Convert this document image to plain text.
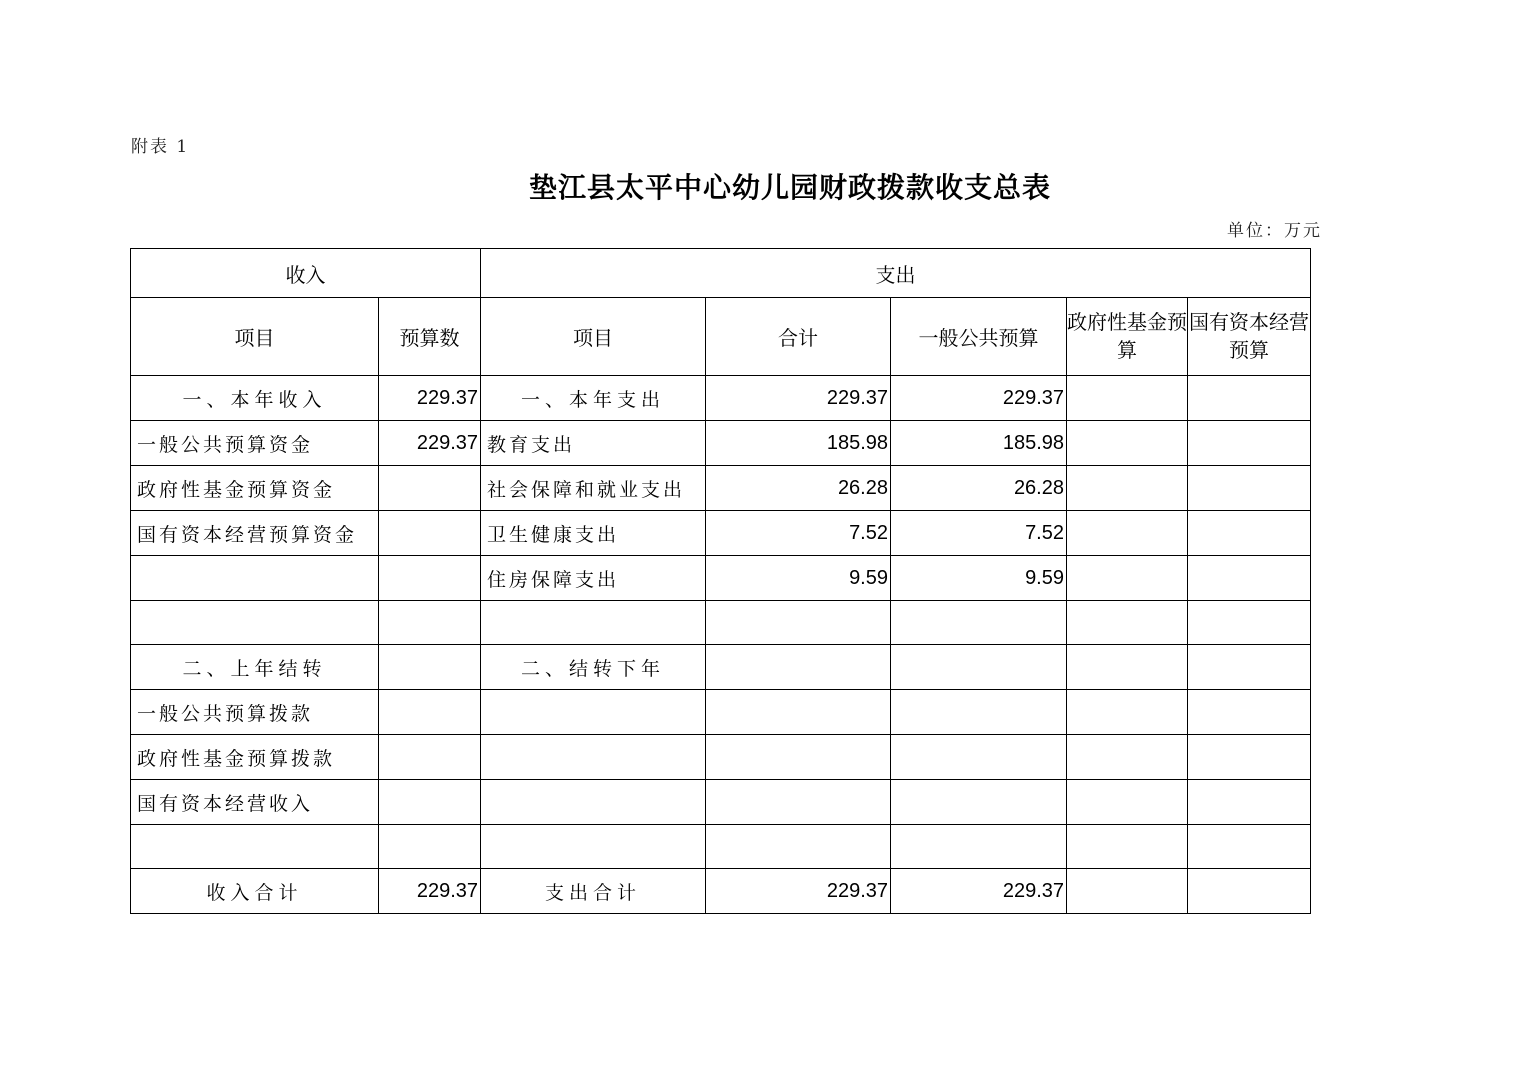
附表 1
垫江县太平中心幼儿园财政拨款收支总表
单位：万元
收入		支出				
项目	预算数	项目	合计	一般公共预算	政府性基金预算	国有资本经营预算
一、本年收入	229.37	一、本年支出	229.37	229.37		
一般公共预算资金	229.37	教育支出	185.98	185.98		
政府性基金预算资金		社会保障和就业支出	26.28	26.28		
国有资本经营预算资金		卫生健康支出	7.52	7.52		
		住房保障支出	9.59	9.59		

二、上年结转		二、结转下年				
一般公共预算拨款						
政府性基金预算拨款						
国有资本经营收入						

收入合计	229.37	支出合计	229.37	229.37		
